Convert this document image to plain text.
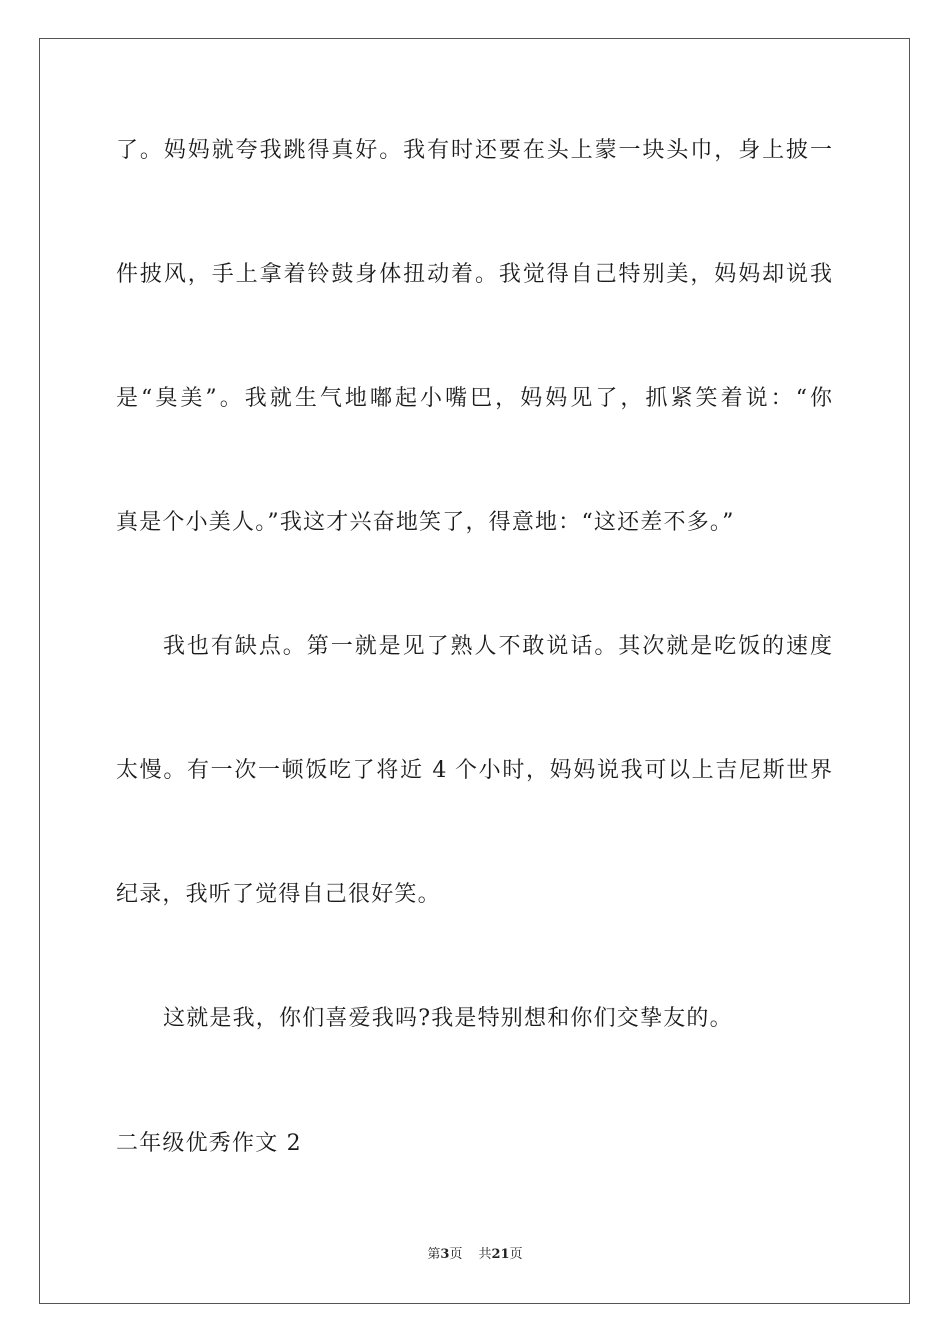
了。妈妈就夸我跳得真好。我有时还要在头上蒙一块头巾，身上披一
件披风，手上拿着铃鼓身体扭动着。我觉得自己特别美，妈妈却说我
是“臭美”。我就生气地嘟起小嘴巴，妈妈见了，抓紧笑着说：“你
真是个小美人。”我这才兴奋地笑了，得意地：“这还差不多。”
我也有缺点。第一就是见了熟人不敢说话。其次就是吃饭的速度
太慢。有一次一顿饭吃了将近 4 个小时，妈妈说我可以上吉尼斯世界
纪录，我听了觉得自己很好笑。
这就是我，你们喜爱我吗?我是特别想和你们交挚友的。
二年级优秀作文 2
第3页 共21页
